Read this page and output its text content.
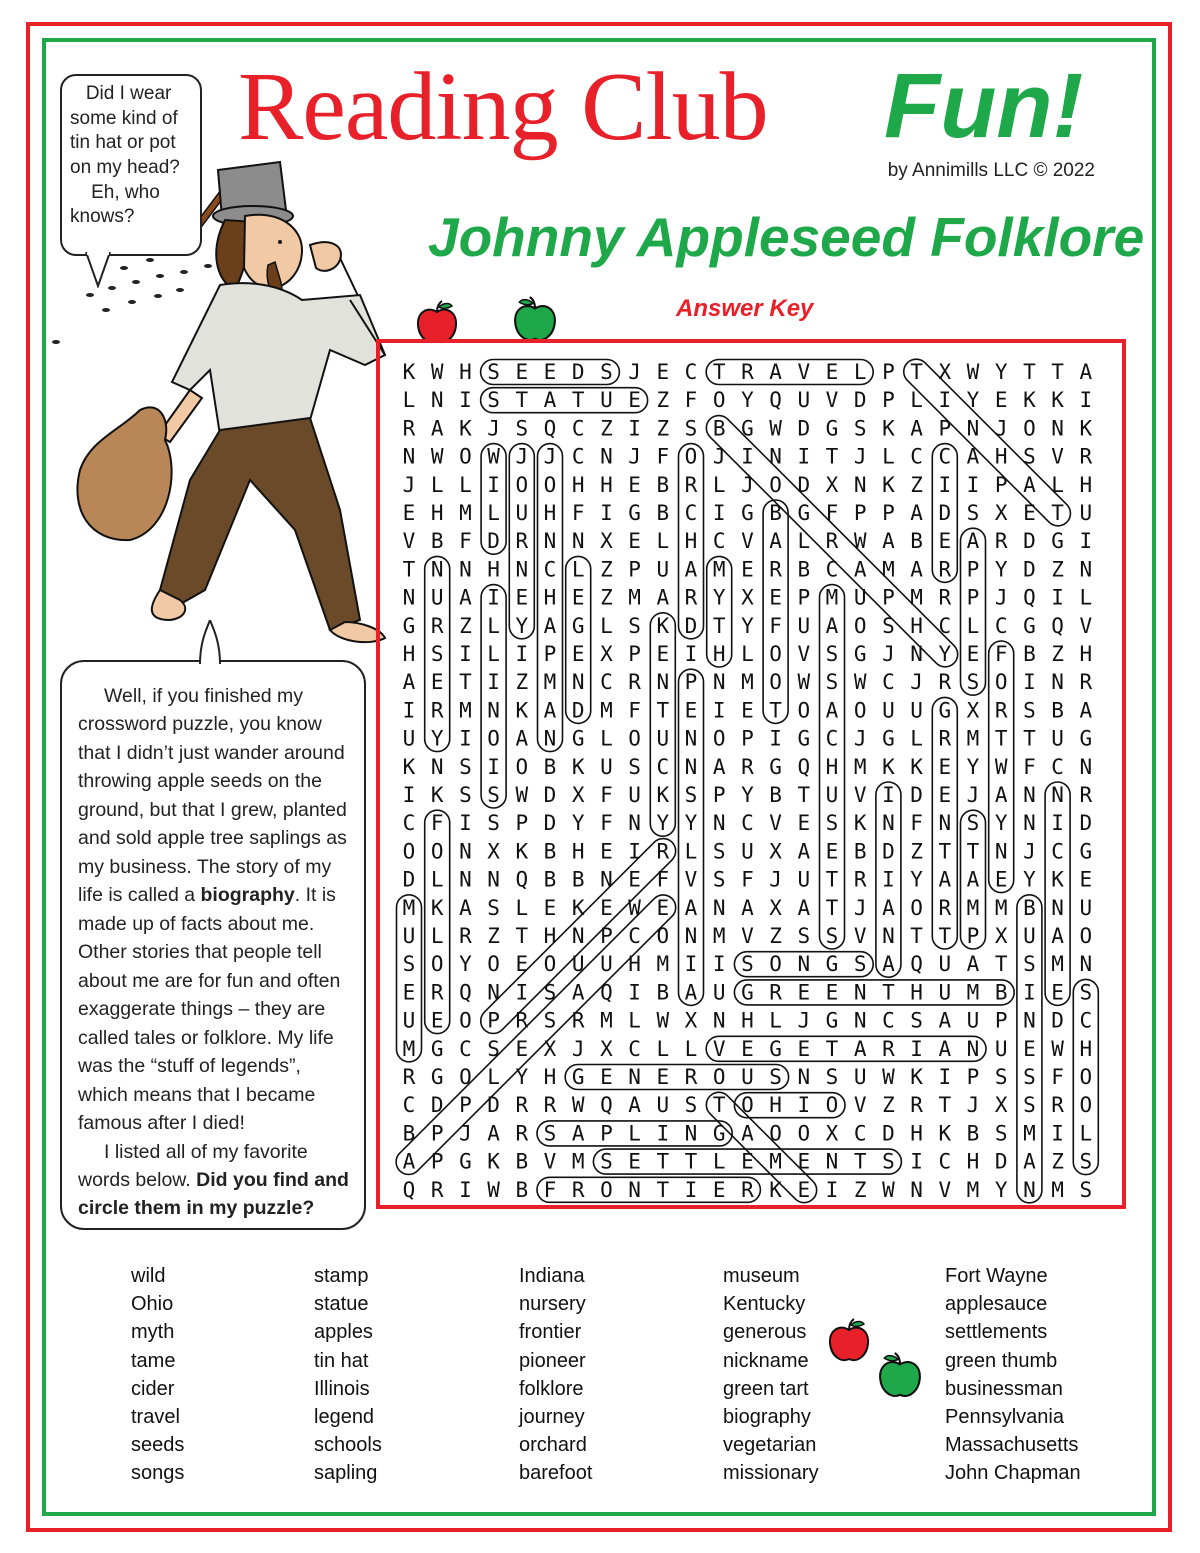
Reading Club Fun!
by Annimills LLC © 2022
Johnny Appleseed Folklore
Answer Key
Did I wear
some kind of
tin hat or pot
on my head?
Eh, who
knows?

Well, if you finished my crossword puzzle, you know that I didn’t just wander around throwing apple seeds on the ground, but that I grew, planted and sold apple tree saplings as my business. The story of my life is called a biography. It is made up of facts about me. Other stories that people tell about me are for fun and often exaggerate things – they are called tales or folklore. My life was the “stuff of legends”, which means that I became famous after I died!

I listed all of my favorite words below. Did you find and circle them in my puzzle?

K W H S E E D S J E C T R A V E L P T X W Y T T A
L N I S T A T U E Z F O Y Q U V D P L I Y E K K I
R A K J S Q C Z I Z S B G W D G S K A P N J O N K
N W O W J J C N J F O J I N I T J L C C A H S V R
J L L I O O H H E B R L J O D X N K Z I I P A L H
E H M L U H F I G B C I G B G F P P A D S X E T U
V B F D R N N X E L H C V A L R W A B E A R D G I
T N N H N C L Z P U A M E R B C A M A R P Y D Z N
N U A I E H E Z M A R Y X E P M U P M R P J Q I L
G R Z L Y A G L S K D T Y F U A O S H C L C G Q V
H S I L I P E X P E I H L O V S G J N Y E F B Z H
A E T I Z M N C R N P N M O W S W C J R S O I N R
I R M N K A D M F T E I E T O A O U U G X R S B A
U Y I O A N G L O U N O P I G C J G L R M T T U G
K N S I O B K U S C N A R G Q H M K K E Y W F C N
I K S S W D X F U K S P Y B T U V I D E J A N N R
C F I S P D Y F N Y Y N C V E S K N F N S Y N I D
O O N X K B H E I R L S U X A E B D Z T T N J C G
D L N N Q B B N E F V S F J U T R I Y A A E Y K E
M K A S L E K E W E A N A X A T J A O R M M B N U
U L R Z T H N P C O N M V Z S S V N T T P X U A O
S O Y O E O U U H M I I S O N G S A Q U A T S M N
E R Q N I S A Q I B A U G R E E N T H U M B I E S
U E O P R S R M L W X N H L J G N C S A U P N D C
M G C S E X J X C L L V E G E T A R I A N U E W H
R G O L Y H G E N E R O U S N S U W K I P S S F O
C D P D R R W Q A U S T O H I O V Z R T J X S R O
B P J A R S A P L I N G A O O X C D H K B S M I L
A P G K B V M S E T T L E M E N T S I C H D A Z S
Q R I W B F R O N T I E R K E I Z W N V M Y N M S
wild
Ohio
myth
tame
cider
travel
seeds
songs
stamp
statue
apples
tin hat
Illinois
legend
schools
sapling
Indiana
nursery
frontier
pioneer
folklore
journey
orchard
barefoot
museum
Kentucky
generous
nickname
green tart
biography
vegetarian
missionary
Fort Wayne
applesauce
settlements
green thumb
businessman
Pennsylvania
Massachusetts
John Chapman
